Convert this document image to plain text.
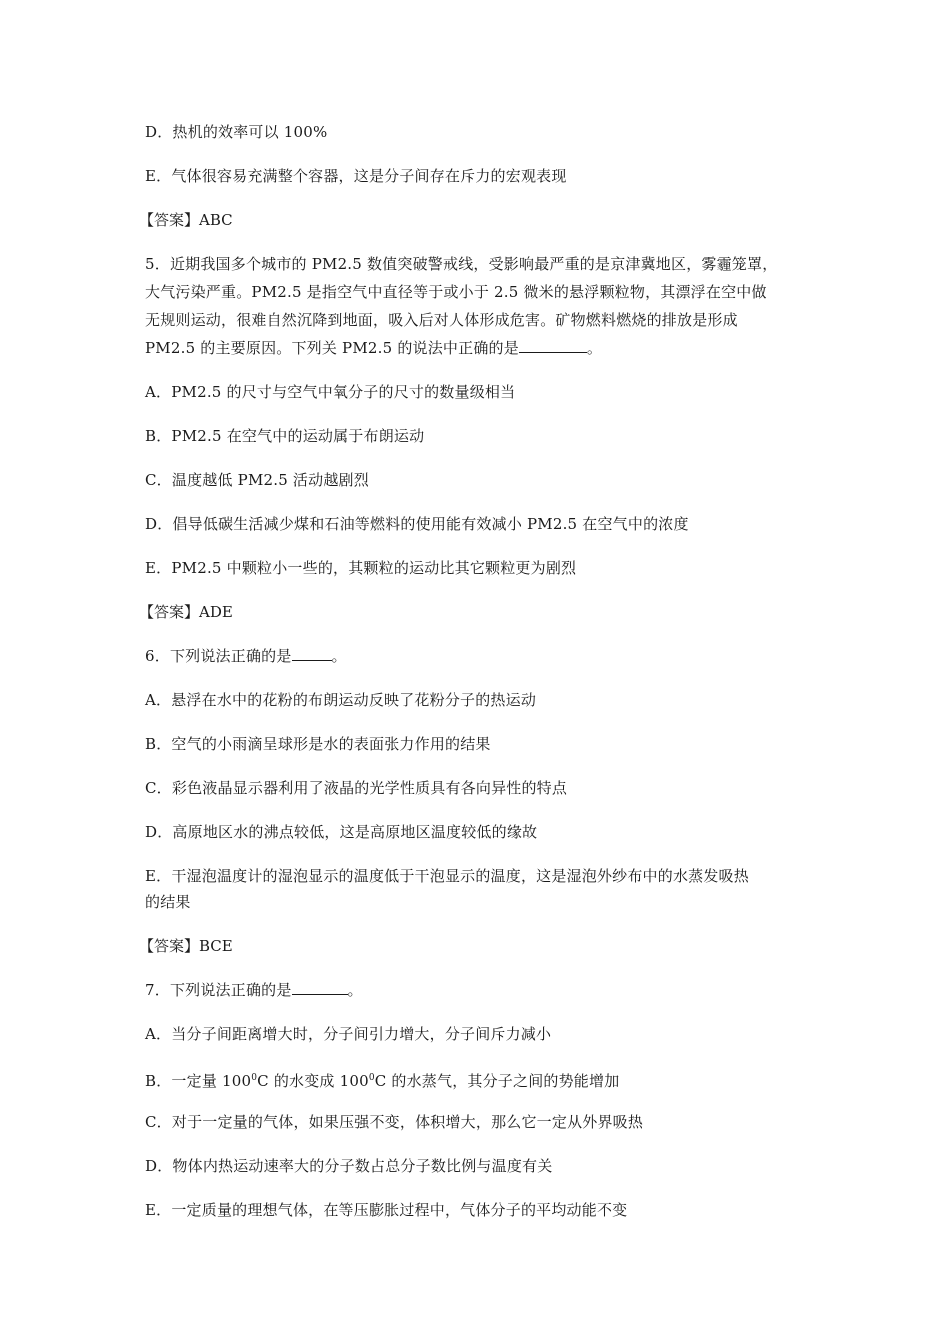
D．热机的效率可以 100%
E．气体很容易充满整个容器，这是分子间存在斥力的宏观表现
【答案】ABC
5．近期我国多个城市的 PM2.5 数值突破警戒线，受影响最严重的是京津冀地区，雾霾笼罩，
大气污染严重。PM2.5 是指空气中直径等于或小于 2.5 微米的悬浮颗粒物，其漂浮在空中做
无规则运动，很难自然沉降到地面，吸入后对人体形成危害。矿物燃料燃烧的排放是形成
PM2.5 的主要原因。下列关 PM2.5 的说法中正确的是	。
A．PM2.5 的尺寸与空气中氧分子的尺寸的数量级相当
B．PM2.5 在空气中的运动属于布朗运动
C．温度越低 PM2.5 活动越剧烈
D．倡导低碳生活减少煤和石油等燃料的使用能有效减小 PM2.5 在空气中的浓度
E．PM2.5 中颗粒小一些的，其颗粒的运动比其它颗粒更为剧烈
【答案】ADE
6．下列说法正确的是	。
A．悬浮在水中的花粉的布朗运动反映了花粉分子的热运动
B．空气的小雨滴呈球形是水的表面张力作用的结果
C．彩色液晶显示器利用了液晶的光学性质具有各向异性的特点
D．高原地区水的沸点较低，这是高原地区温度较低的缘故
E．干湿泡温度计的湿泡显示的温度低于干泡显示的温度，这是湿泡外纱布中的水蒸发吸热
的结果
【答案】BCE
7．下列说法正确的是	。
A．当分子间距离增大时，分子间引力增大，分子间斥力减小
B．一定量 $100^0C$ 的水变成 $100^0C$ 的水蒸气，其分子之间的势能增加
C．对于一定量的气体，如果压强不变，体积增大，那么它一定从外界吸热
D．物体内热运动速率大的分子数占总分子数比例与温度有关
E．一定质量的理想气体，在等压膨胀过程中，气体分子的平均动能不变
